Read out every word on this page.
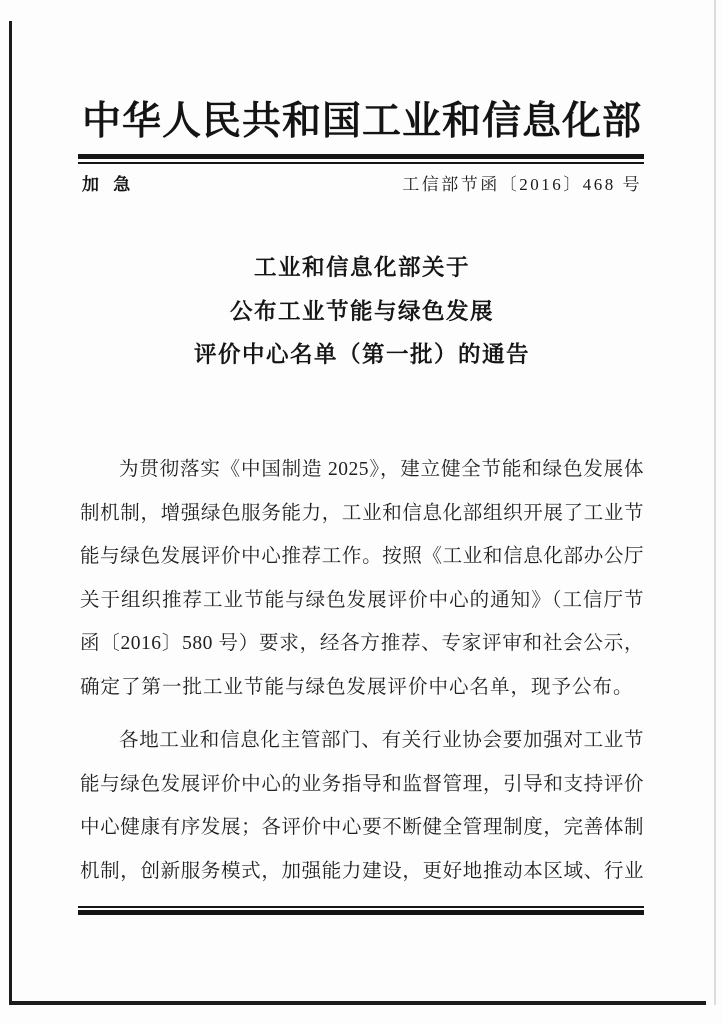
中华人民共和国工业和信息化部
加 急	工信部节函〔2016〕468 号
工业和信息化部关于
公布工业节能与绿色发展
评价中心名单（第一批）的通告
为贯彻落实《中国制造 2025》，建立健全节能和绿色发展体
制机制，增强绿色服务能力，工业和信息化部组织开展了工业节
能与绿色发展评价中心推荐工作。按照《工业和信息化部办公厅
关于组织推荐工业节能与绿色发展评价中心的通知》（工信厅节
函〔2016〕580 号）要求，经各方推荐、专家评审和社会公示，
确定了第一批工业节能与绿色发展评价中心名单，现予公布。
各地工业和信息化主管部门、有关行业协会要加强对工业节
能与绿色发展评价中心的业务指导和监督管理，引导和支持评价
中心健康有序发展；各评价中心要不断健全管理制度，完善体制
机制，创新服务模式，加强能力建设，更好地推动本区域、行业
